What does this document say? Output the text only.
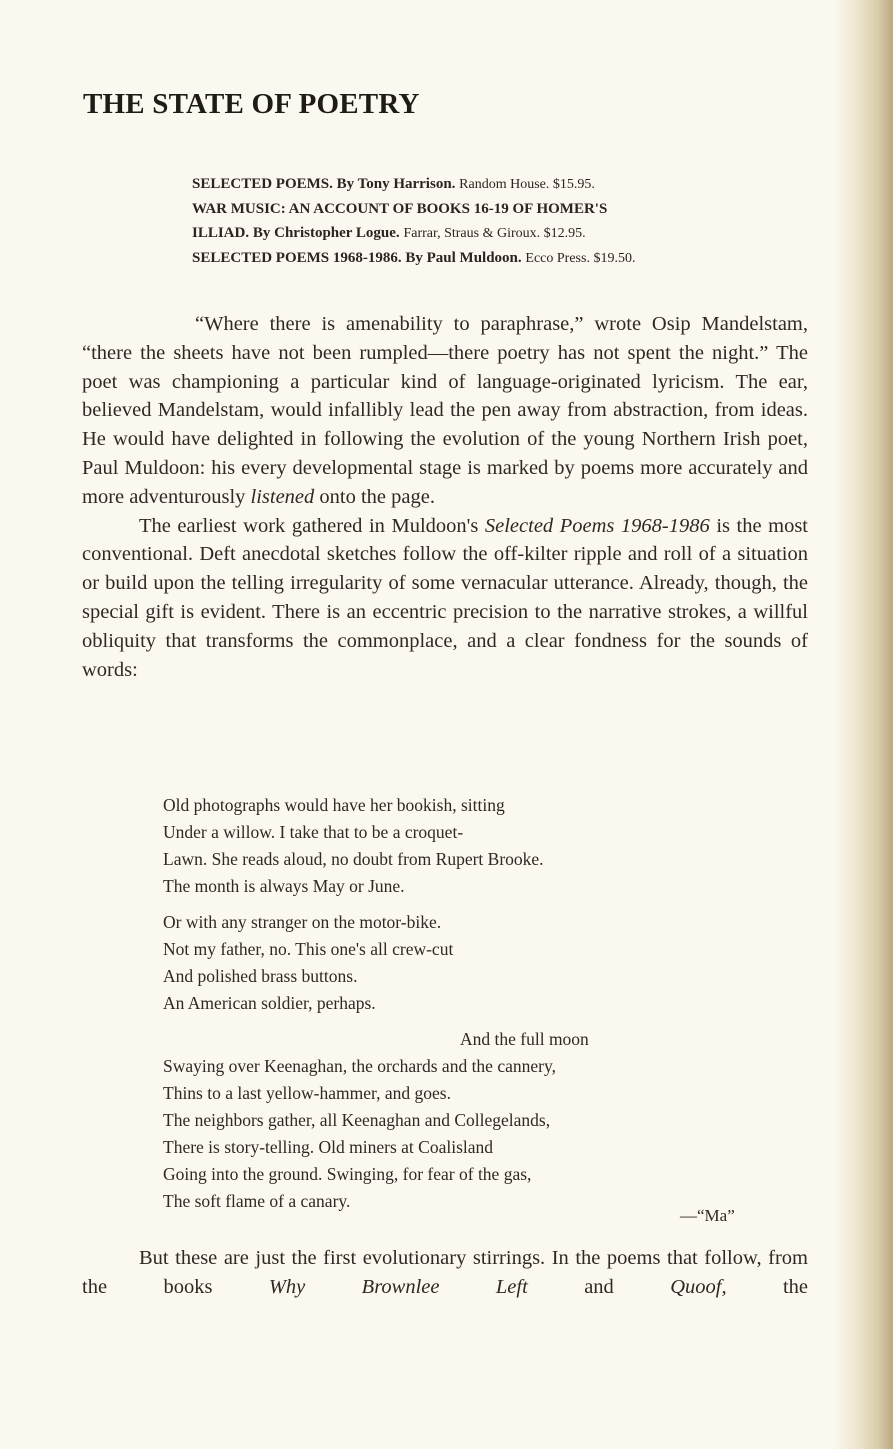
THE STATE OF POETRY
SELECTED POEMS. By Tony Harrison. Random House. $15.95.
WAR MUSIC: AN ACCOUNT OF BOOKS 16-19 OF HOMER'S
ILLIAD. By Christopher Logue. Farrar, Straus & Giroux. $12.95.
SELECTED POEMS 1968-1986. By Paul Muldoon. Ecco Press. $19.50.

“Where there is amenability to paraphrase,” wrote Osip Mandelstam, “there the sheets have not been rumpled—there poetry has not spent the night.” The poet was championing a particular kind of language-originated lyricism. The ear, believed Mandelstam, would infallibly lead the pen away from abstraction, from ideas. He would have delighted in following the evolution of the young Northern Irish poet, Paul Muldoon: his every developmental stage is marked by poems more accurately and more adventurously listened onto the page.

The earliest work gathered in Muldoon's Selected Poems 1968-1986 is the most conventional. Deft anecdotal sketches follow the off-kilter ripple and roll of a situation or build upon the telling irregularity of some vernacular utterance. Already, though, the special gift is evident. There is an eccentric precision to the narrative strokes, a willful obliquity that transforms the commonplace, and a clear fondness for the sounds of words:

Old photographs would have her bookish, sitting
Under a willow. I take that to be a croquet-
Lawn. She reads aloud, no doubt from Rupert Brooke.
The month is always May or June.
Or with any stranger on the motor-bike.
Not my father, no. This one's all crew-cut
And polished brass buttons.
An American soldier, perhaps.
And the full moon
Swaying over Keenaghan, the orchards and the cannery,
Thins to a last yellow-hammer, and goes.
The neighbors gather, all Keenaghan and Collegelands,
There is story-telling. Old miners at Coalisland
Going into the ground. Swinging, for fear of the gas,
The soft flame of a canary.
—“Ma”

But these are just the first evolutionary stirrings. In the poems that follow, from the books	Why Brownlee Left	and	Quoof,	the
